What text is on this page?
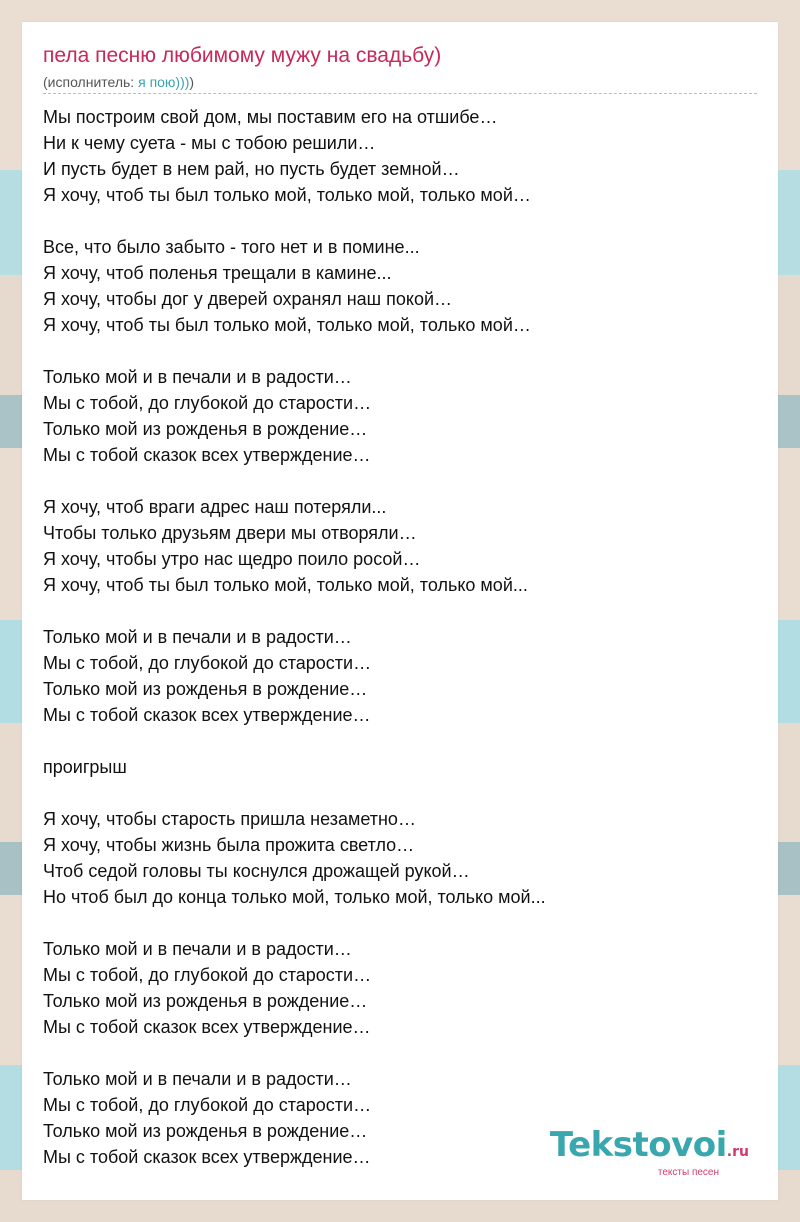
пела песню любимому мужу на свадьбу)
(исполнитель: я пою))))
Мы построим свой дом, мы поставим его на отшибе…
Ни к чему суета - мы с тобою решили…
И пусть будет в нем рай, но пусть будет земной…
Я хочу, чтоб ты был только мой, только мой, только мой…
Все, что было забыто - того нет и в помине...
Я хочу, чтоб поленья трещали в камине...
Я хочу, чтобы дог у дверей охранял наш покой…
Я хочу, чтоб ты был только мой, только мой, только мой…
Только мой и в печали и в радости…
Мы с тобой, до глубокой до старости…
Только мой из рожденья в рождение…
Мы с тобой сказок всех утверждение…
Я хочу, чтоб враги адрес наш потеряли...
Чтобы только друзьям двери мы отворяли…
Я хочу, чтобы утро нас щедро поило росой…
Я хочу, чтоб ты был только мой, только мой, только мой...
Только мой и в печали и в радости…
Мы с тобой, до глубокой до старости…
Только мой из рожденья в рождение…
Мы с тобой сказок всех утверждение…
проигрыш
Я хочу, чтобы старость пришла незаметно…
Я хочу, чтобы жизнь была прожита светло…
Чтоб седой головы ты коснулся дрожащей рукой…
Но чтоб был до конца только мой, только мой, только мой...
Только мой и в печали и в радости…
Мы с тобой, до глубокой до старости…
Только мой из рожденья в рождение…
Мы с тобой сказок всех утверждение…
Только мой и в печали и в радости…
Мы с тобой, до глубокой до старости…
Только мой из рожденья в рождение…
Мы с тобой сказок всех утверждение…	Tekstovoi.ru
тексты песен
